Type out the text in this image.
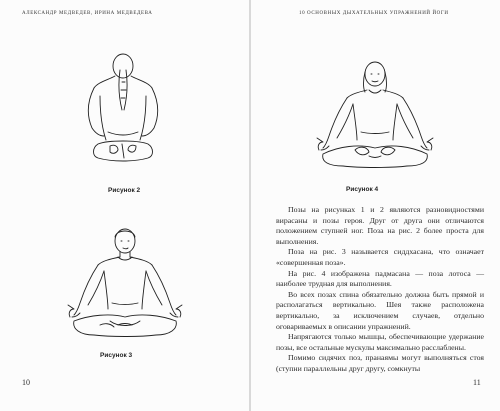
АЛЕКСАНДР МЕДВЕДЕВ, ИРИНА МЕДВЕДЕВА
Рисунок 2
Рисунок 3
10
10 ОСНОВНЫХ ДЫХАТЕЛЬНЫХ УПРАЖНЕНИЙ ЙОГИ
Рисунок 4

Позы на рисунках 1 и 2 являются разновидностями вирасаны и позы героя. Друг от друга они отличаются положением ступней ног. Поза на рис. 2 более проста для выполнения.

Поза на рис. 3 называется сиддхасана, что означает «совершенная поза».

На рис. 4 изображена падмасана — поза лотоса — наиболее трудная для выполнения.

Во всех позах спина обязательно должна быть прямой и располагаться вертикально. Шея также расположена вертикально, за исключением случаев, отдельно оговариваемых в описании упражнений.

Напрягаются только мышцы, обеспечивающие удержание позы, все остальные мускулы максимально расслаблены.

Помимо сидячих поз, пранаямы могут выполняться стоя (ступни параллельны друг другу, сомкнуты

11
